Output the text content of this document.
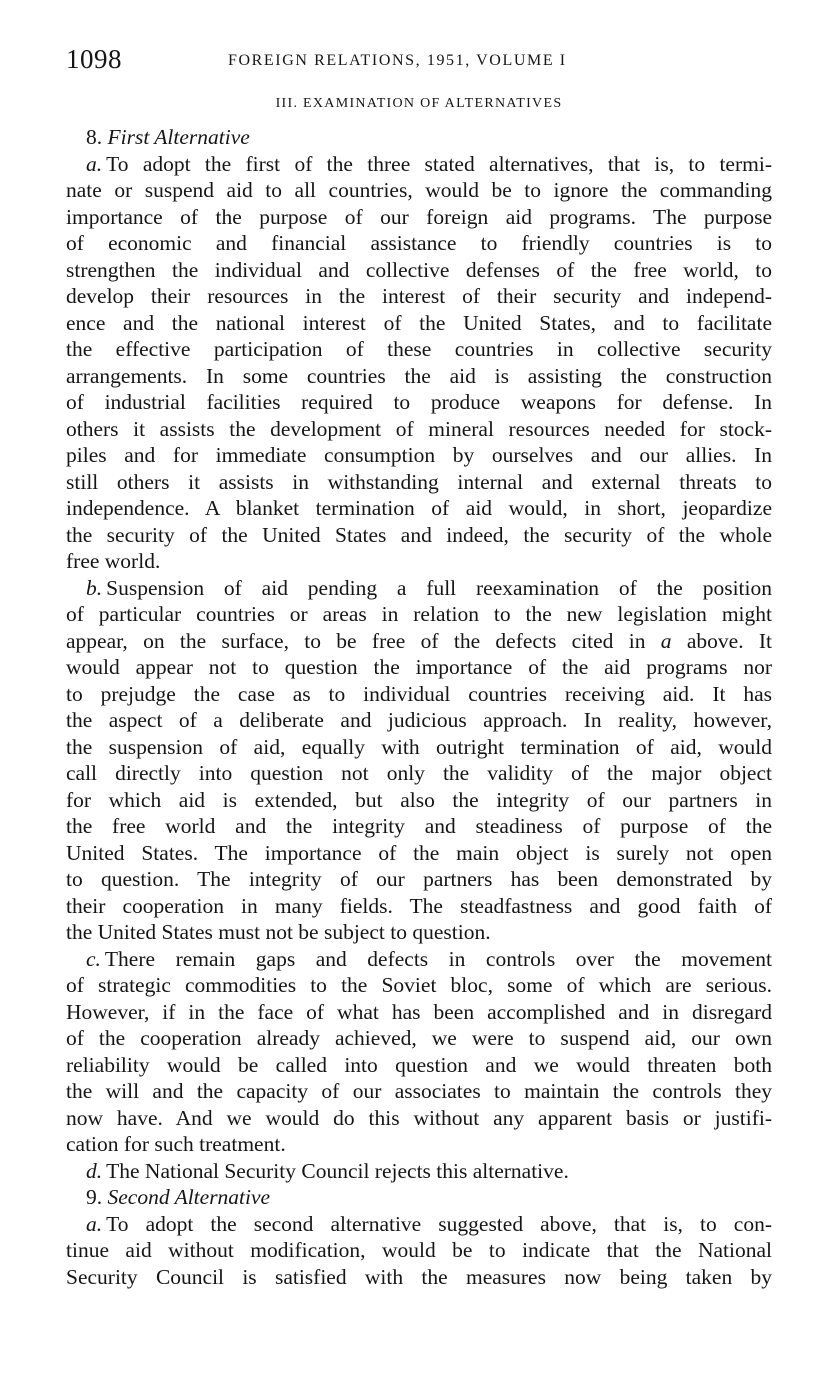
1098	FOREIGN RELATIONS, 1951, VOLUME I
III. EXAMINATION OF ALTERNATIVES
8. First Alternative
a. To adopt the first of the three stated alternatives, that is, to termi-
nate or suspend aid to all countries, would be to ignore the commanding
importance of the purpose of our foreign aid programs. The purpose
of economic and financial assistance to friendly countries is to
strengthen the individual and collective defenses of the free world, to
develop their resources in the interest of their security and independ-
ence and the national interest of the United States, and to facilitate
the effective participation of these countries in collective security
arrangements. In some countries the aid is assisting the construction
of industrial facilities required to produce weapons for defense. In
others it assists the development of mineral resources needed for stock-
piles and for immediate consumption by ourselves and our allies. In
still others it assists in withstanding internal and external threats to
independence. A blanket termination of aid would, in short, jeopardize
the security of the United States and indeed, the security of the whole
free world.
b. Suspension of aid pending a full reexamination of the position
of particular countries or areas in relation to the new legislation might
appear, on the surface, to be free of the defects cited in a above. It
would appear not to question the importance of the aid programs nor
to prejudge the case as to individual countries receiving aid. It has
the aspect of a deliberate and judicious approach. In reality, however,
the suspension of aid, equally with outright termination of aid, would
call directly into question not only the validity of the major object
for which aid is extended, but also the integrity of our partners in
the free world and the integrity and steadiness of purpose of the
United States. The importance of the main object is surely not open
to question. The integrity of our partners has been demonstrated by
their cooperation in many fields. The steadfastness and good faith of
the United States must not be subject to question.
c. There remain gaps and defects in controls over the movement
of strategic commodities to the Soviet bloc, some of which are serious.
However, if in the face of what has been accomplished and in disregard
of the cooperation already achieved, we were to suspend aid, our own
reliability would be called into question and we would threaten both
the will and the capacity of our associates to maintain the controls they
now have. And we would do this without any apparent basis or justifi-
cation for such treatment.
d. The National Security Council rejects this alternative.
9. Second Alternative
a. To adopt the second alternative suggested above, that is, to con-
tinue aid without modification, would be to indicate that the National
Security Council is satisfied with the measures now being taken by
